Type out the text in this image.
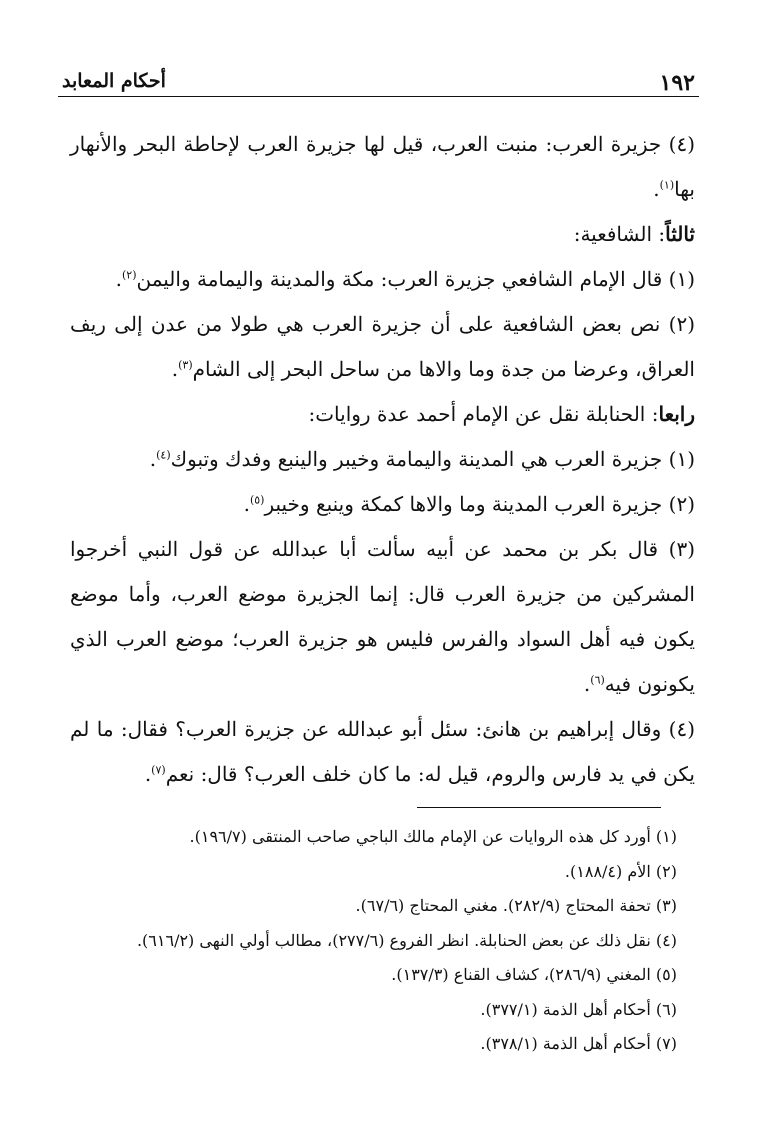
١٩٢
أحكام المعابد

(٤) جزيرة العرب: منبت العرب، قيل لها جزيرة العرب لإحاطة البحر والأنهار بها$^{(١)}$.

ثالثاً: الشافعية:

(١) قال الإمام الشافعي جزيرة العرب: مكة والمدينة واليمامة واليمن$^{(٢)}$.

(٢) نص بعض الشافعية على أن جزيرة العرب هي طولا من عدن إلى ريف العراق، وعرضا من جدة وما والاها من ساحل البحر إلى الشام$^{(٣)}$.

رابعا: الحنابلة نقل عن الإمام أحمد عدة روايات:

(١) جزيرة العرب هي المدينة واليمامة وخيبر والينبع وفدك وتبوك$^{(٤)}$.

(٢) جزيرة العرب المدينة وما والاها كمكة وينبع وخيبر$^{(٥)}$.

(٣) قال بكر بن محمد عن أبيه سألت أبا عبدالله عن قول النبي أخرجوا المشركين من جزيرة العرب قال: إنما الجزيرة موضع العرب، وأما موضع يكون فيه أهل السواد والفرس فليس هو جزيرة العرب؛ موضع العرب الذي يكونون فيه$^{(٦)}$.

(٤) وقال إبراهيم بن هانئ: سئل أبو عبدالله عن جزيرة العرب؟ فقال: ما لم يكن في يد فارس والروم، قيل له: ما كان خلف العرب؟ قال: نعم$^{(٧)}$.

(١) أورد كل هذه الروايات عن الإمام مالك الباجي صاحب المنتقى (١٩٦/٧).

(٢) الأم (١٨٨/٤).

(٣) تحفة المحتاج (٢٨٢/٩). مغني المحتاج (٦٧/٦).

(٤) نقل ذلك عن بعض الحنابلة. انظر الفروع (٢٧٧/٦)، مطالب أولي النهى (٦١٦/٢).

(٥) المغني (٢٨٦/٩)، كشاف القناع (١٣٧/٣).

(٦) أحكام أهل الذمة (٣٧٧/١).

(٧) أحكام أهل الذمة (٣٧٨/١).
